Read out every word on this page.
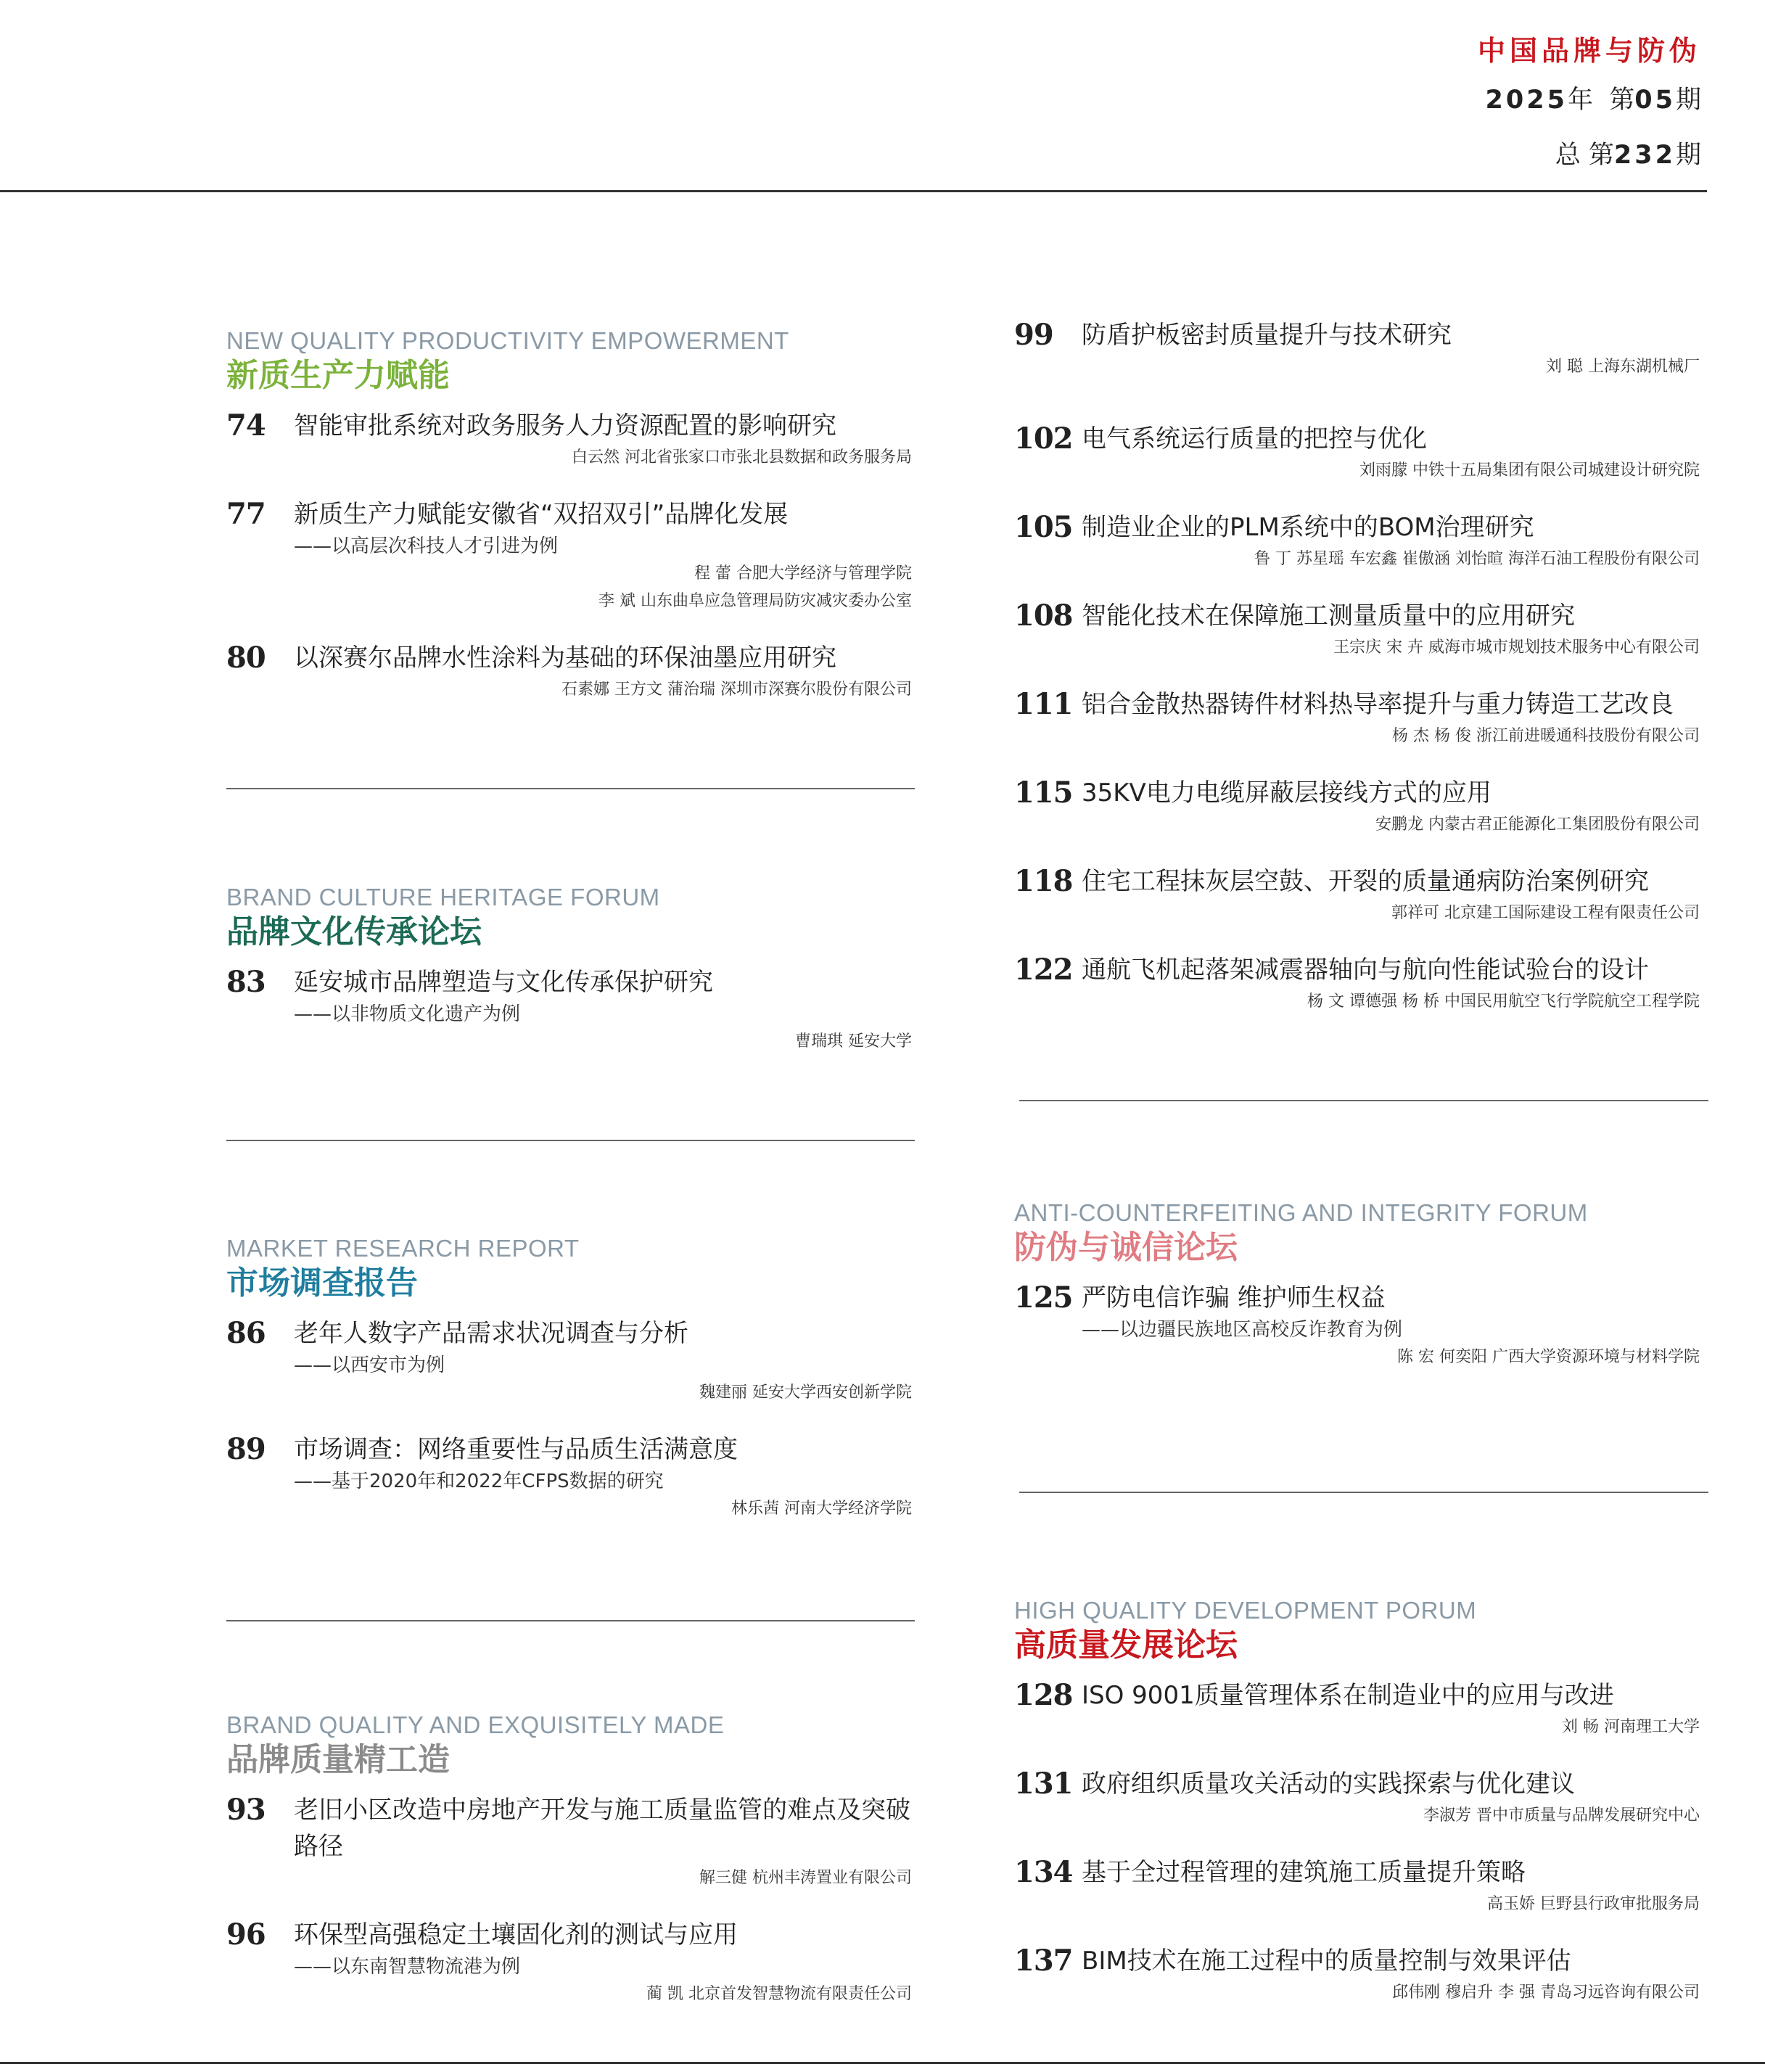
中国品牌与防伪
2025年 第05期
总 第232期
NEW QUALITY PRODUCTIVITY EMPOWERMENT
新质生产力赋能
74	智能审批系统对政务服务人力资源配置的影响研究
白云然 河北省张家口市张北县数据和政务服务局
77	新质生产力赋能安徽省“双招双引”品牌化发展
——以高层次科技人才引进为例
程 蕾 合肥大学经济与管理学院
李 斌 山东曲阜应急管理局防灾减灾委办公室
80	以深赛尔品牌水性涂料为基础的环保油墨应用研究
石素娜 王方文 蒲治瑞 深圳市深赛尔股份有限公司
BRAND CULTURE HERITAGE FORUM
品牌文化传承论坛
83	延安城市品牌塑造与文化传承保护研究
——以非物质文化遗产为例
曹瑞琪 延安大学
MARKET RESEARCH REPORT
市场调查报告
86	老年人数字产品需求状况调查与分析
——以西安市为例
魏建丽 延安大学西安创新学院
89	市场调查：网络重要性与品质生活满意度
——基于2020年和2022年CFPS数据的研究
林乐茜 河南大学经济学院
BRAND QUALITY AND EXQUISITELY MADE
品牌质量精工造
93	老旧小区改造中房地产开发与施工质量监管的难点及突破路径
解三健 杭州丰涛置业有限公司
96	环保型高强稳定土壤固化剂的测试与应用
——以东南智慧物流港为例
蔺 凯 北京首发智慧物流有限责任公司
99	防盾护板密封质量提升与技术研究
刘 聪 上海东湖机械厂
102 电气系统运行质量的把控与优化
刘雨朦 中铁十五局集团有限公司城建设计研究院
105 制造业企业的PLM系统中的BOM治理研究
鲁 丁 苏星瑶 车宏鑫 崔傲涵 刘怡暄 海洋石油工程股份有限公司
108 智能化技术在保障施工测量质量中的应用研究
王宗庆 宋 卉 威海市城市规划技术服务中心有限公司
111 铝合金散热器铸件材料热导率提升与重力铸造工艺改良
杨 杰 杨 俊 浙江前进暖通科技股份有限公司
115 35KV电力电缆屏蔽层接线方式的应用
安鹏龙 内蒙古君正能源化工集团股份有限公司
118 住宅工程抹灰层空鼓、开裂的质量通病防治案例研究
郭祥可 北京建工国际建设工程有限责任公司
122 通航飞机起落架减震器轴向与航向性能试验台的设计
杨 文 谭德强 杨 桥 中国民用航空飞行学院航空工程学院
ANTI-COUNTERFEITING AND INTEGRITY FORUM
防伪与诚信论坛
125 严防电信诈骗 维护师生权益
——以边疆民族地区高校反诈教育为例
陈 宏 何奕阳 广西大学资源环境与材料学院
HIGH QUALITY DEVELOPMENT PORUM
高质量发展论坛
128 ISO 9001质量管理体系在制造业中的应用与改进
刘 畅 河南理工大学
131 政府组织质量攻关活动的实践探索与优化建议
李淑芳 晋中市质量与品牌发展研究中心
134 基于全过程管理的建筑施工质量提升策略
高玉娇 巨野县行政审批服务局
137 BIM技术在施工过程中的质量控制与效果评估
邱伟刚 穆启升 李 强 青岛习远咨询有限公司
